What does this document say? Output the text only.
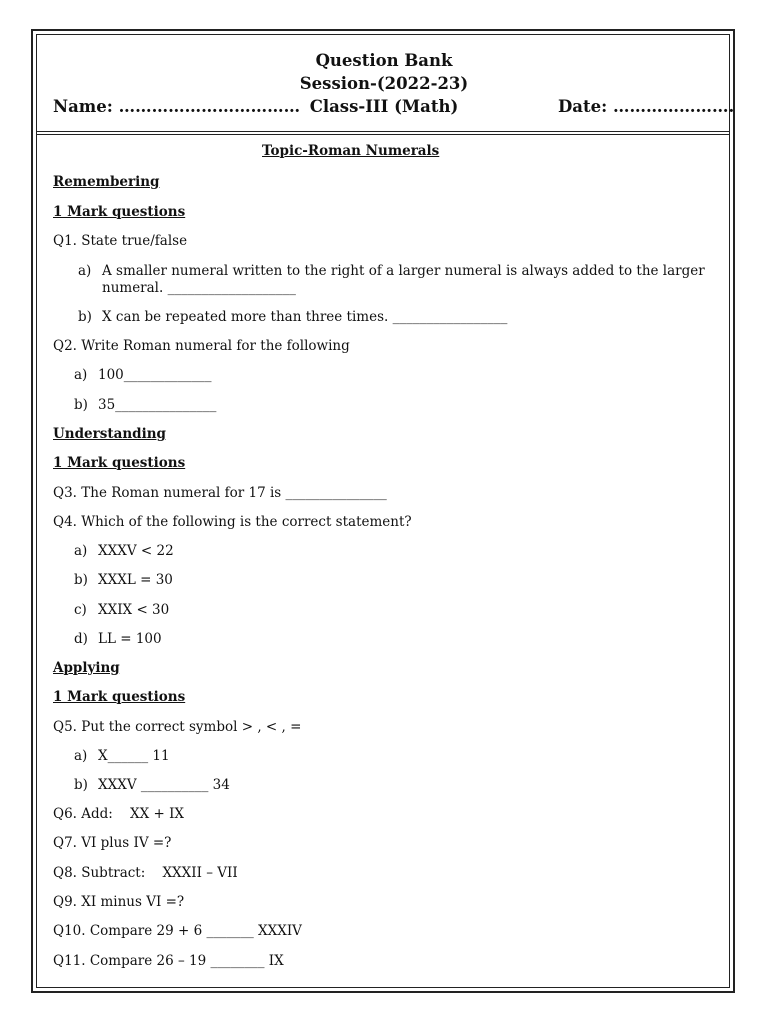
Question Bank
Session-(2022-23)
Name: …………………………… Class-III (Math)	Date: ………………….
Topic-Roman Numerals
Remembering
1 Mark questions
Q1. State true/false
a) A smaller numeral written to the right of a larger numeral is always added to the larger
numeral. ___________________
b) X can be repeated more than three times. _________________
Q2. Write Roman numeral for the following
a) 100_____________
b) 35_______________
Understanding
1 Mark questions
Q3. The Roman numeral for 17 is _______________
Q4. Which of the following is the correct statement?
a) XXXV < 22
b) XXXL = 30
c) XXIX < 30
d) LL = 100
Applying
1 Mark questions
Q5. Put the correct symbol > , < , =
a) X______ 11
b) XXXV __________ 34
Q6. Add:    XX + IX
Q7. VI plus IV =?
Q8. Subtract:    XXXII – VII
Q9. XI minus VI =?
Q10. Compare 29 + 6 _______ XXXIV
Q11. Compare 26 – 19 ________ IX
